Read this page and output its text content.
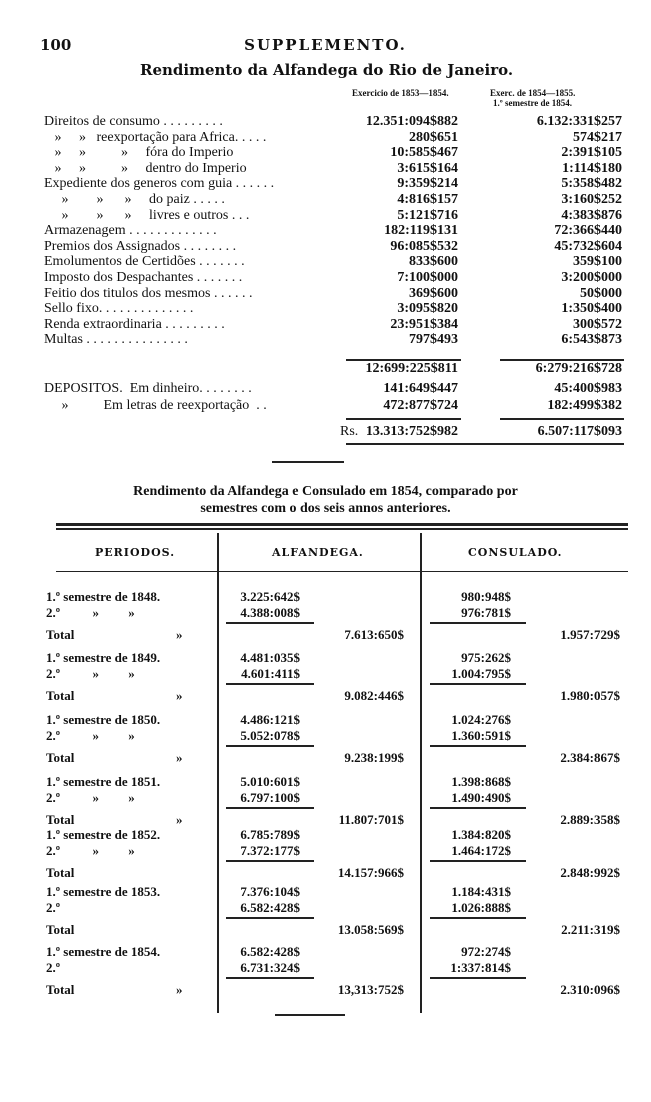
100	SUPPLEMENTO.
Rendimento da Alfandega do Rio de Janeiro.
Exercicio de 1853—1854.	Exerc. de 1854—1855.
1.º semestre de 1854.
Direitos de consumo . . . . . . . . .	12.351:094$882	6.132:331$257
»     »   reexportação para Africa. . . . .	280$651	574$217
»     »          »     fóra do Imperio	10:585$467	2:391$105
»     »          »     dentro do Imperio	3:615$164	1:114$180
Expediente dos generos com guia . . . . . .	9:359$214	5:358$482
»        »      »     do paiz . . . . .	4:816$157	3:160$252
»        »      »     livres e outros . . .	5:121$716	4:383$876
Armazenagem . . . . . . . . . . . . .	182:119$131	72:366$440
Premios dos Assignados . . . . . . . .	96:085$532	45:732$604
Emolumentos de Certidões . . . . . . .	833$600	359$100
Imposto dos Despachantes . . . . . . .	7:100$000	3:200$000
Feitio dos titulos dos mesmos . . . . . .	369$600	50$000
Sello fixo. . . . . . . . . . . . . .	3:095$820	1:350$400
Renda extraordinaria . . . . . . . . .	23:951$384	300$572
Multas . . . . . . . . . . . . . . .	797$493	6:543$873
12:699:225$811	6:279:216$728
DEPOSITOS.  Em dinheiro. . . . . . . .	141:649$447	45:400$983
»          Em letras de reexportação  . .	472:877$724	182:499$382
Rs. 13.313:752$982	6.507:117$093
Rendimento da Alfandega e Consulado em 1854, comparado por
semestres com o dos seis annos anteriores.
PERIODOS.	ALFANDEGA.	CONSULADO.
1.º semestre de 1848.	3.225:642$	980:948$
2.º          »         »	4.388:008$	976:781$
Total	»	7.613:650$	1.957:729$
1.º semestre de 1849.	4.481:035$	975:262$
2.º          »         »	4.601:411$	1.004:795$
Total	»	9.082:446$	1.980:057$
1.º semestre de 1850.	4.486:121$	1.024:276$
2.º          »         »	5.052:078$	1.360:591$
Total	»	9.238:199$	2.384:867$
1.º semestre de 1851.	5.010:601$	1.398:868$
2.º          »         »	6.797:100$	1.490:490$
Total	»	11.807:701$	2.889:358$
1.º semestre de 1852.	6.785:789$	1.384:820$
2.º          »         »	7.372:177$	1.464:172$
Total	14.157:966$	2.848:992$
1.º semestre de 1853.	7.376:104$	1.184:431$
2.º	6.582:428$	1.026:888$
Total	13.058:569$	2.211:319$
1.º semestre de 1854.	6.582:428$	972:274$
2.º	6.731:324$	1:337:814$
Total	»	13,313:752$	2.310:096$
